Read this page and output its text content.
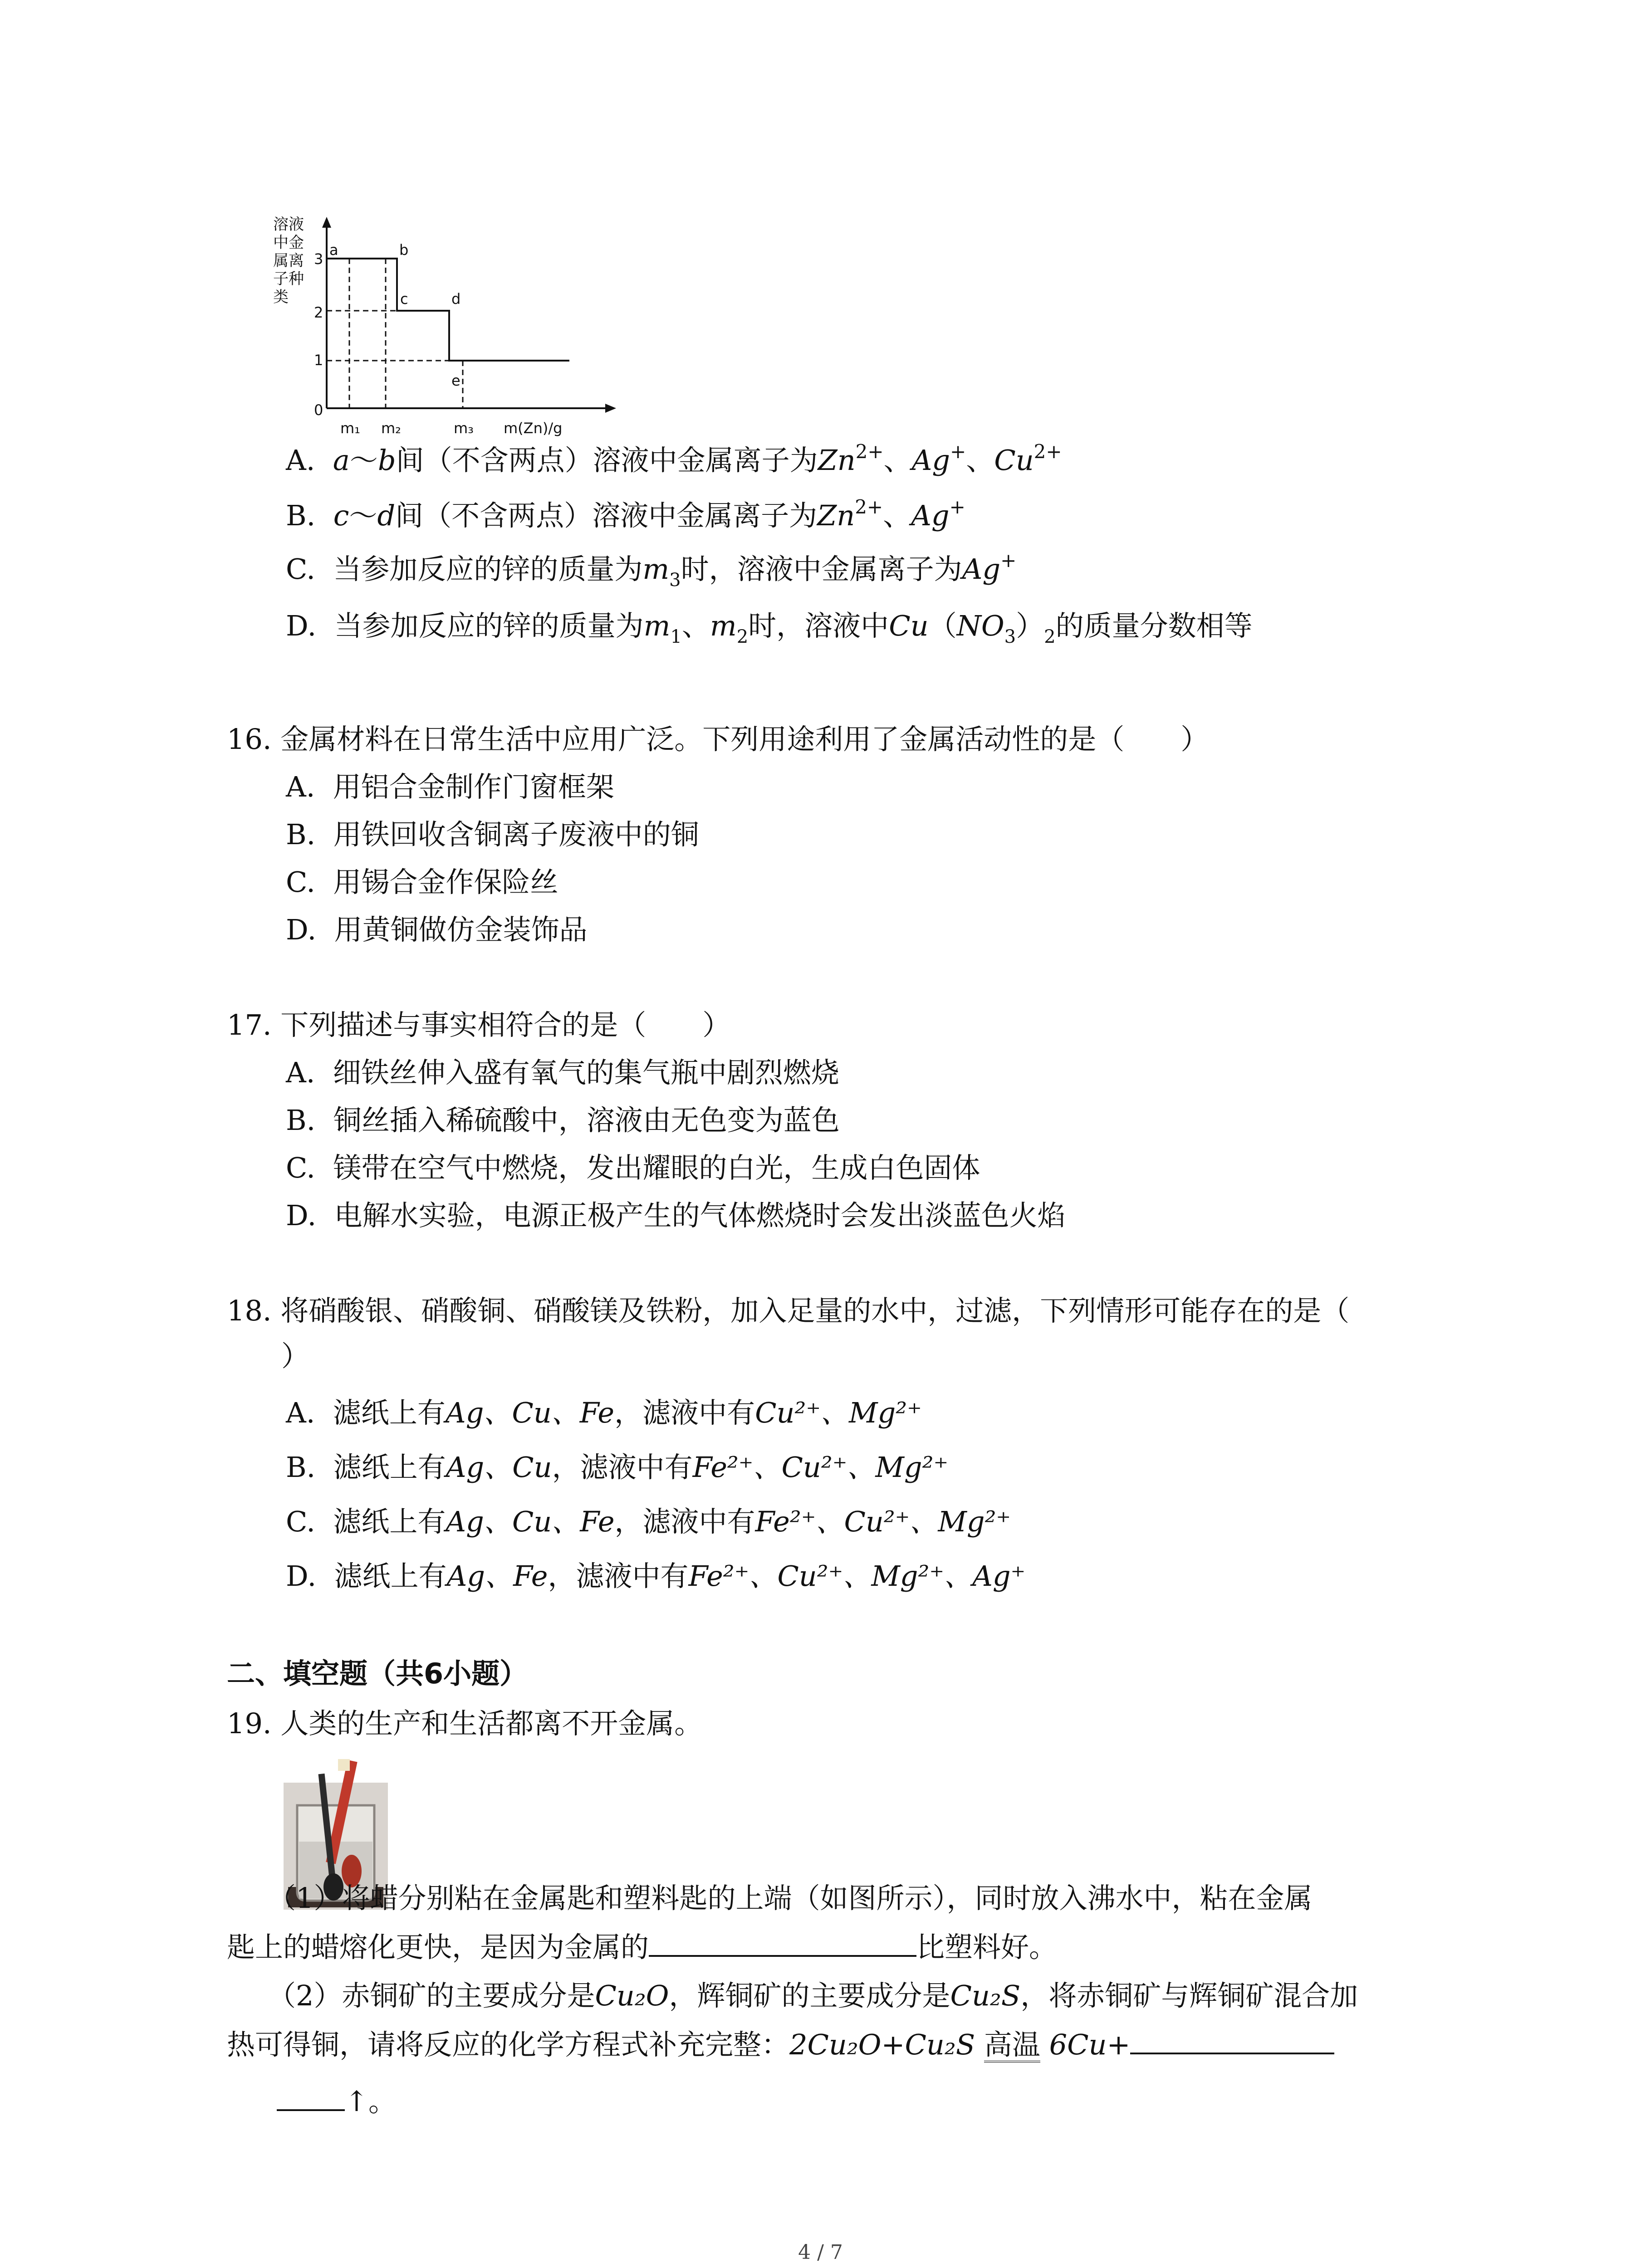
溶液
中金
属离
子种
类
3
2
1
0
m₁ m₂	m₃ m(Zn)/g
a	b
c	d
e
A. a～b间（不含两点）溶液中金属离子为$Zn^{2+}$、Ag+、$Cu^{2+}$
B. c～d间（不含两点）溶液中金属离子为$Zn^{2+}$、Ag+
C. 当参加反应的锌的质量为$m_3$时，溶液中金属离子为Ag+
D. 当参加反应的锌的质量为$m_1$、$m_2$时，溶液中$Cu(NO_3)_2$的质量分数相等
16. 金属材料在日常生活中应用广泛。下列用途利用了金属活动性的是（　　）
A. 用铝合金制作门窗框架
B. 用铁回收含铜离子废液中的铜
C. 用锡合金作保险丝
D. 用黄铜做仿金装饰品
17. 下列描述与事实相符合的是（　　）
A. 细铁丝伸入盛有氧气的集气瓶中剧烈燃烧
B. 铜丝插入稀硫酸中，溶液由无色变为蓝色
C. 镁带在空气中燃烧，发出耀眼的白光，生成白色固体
D. 电解水实验，电源正极产生的气体燃烧时会发出淡蓝色火焰
18. 将硝酸银、硝酸铜、硝酸镁及铁粉，加入足量的水中，过滤，下列情形可能存在的是（
）
A. 滤纸上有Ag、Cu、Fe，滤液中有Cu²⁺、Mg²⁺
B. 滤纸上有Ag、Cu，滤液中有Fe²⁺、Cu²⁺、Mg²⁺
C. 滤纸上有Ag、Cu、Fe，滤液中有Fe²⁺、Cu²⁺、Mg²⁺
D. 滤纸上有Ag、Fe，滤液中有Fe²⁺、Cu²⁺、Mg²⁺、Ag⁺
二、填空题（共6小题）
19. 人类的生产和生活都离不开金属。
（1）将蜡分别粘在金属匙和塑料匙的上端（如图所示），同时放入沸水中，粘在金属
匙上的蜡熔化更快，是因为金属的	比塑料好。
（2）赤铜矿的主要成分是Cu₂O，辉铜矿的主要成分是Cu₂S，将赤铜矿与辉铜矿混合加
热可得铜，请将反应的化学方程式补充完整：2Cu₂O+Cu₂S 高温 6Cu+
↑。
4 / 7
